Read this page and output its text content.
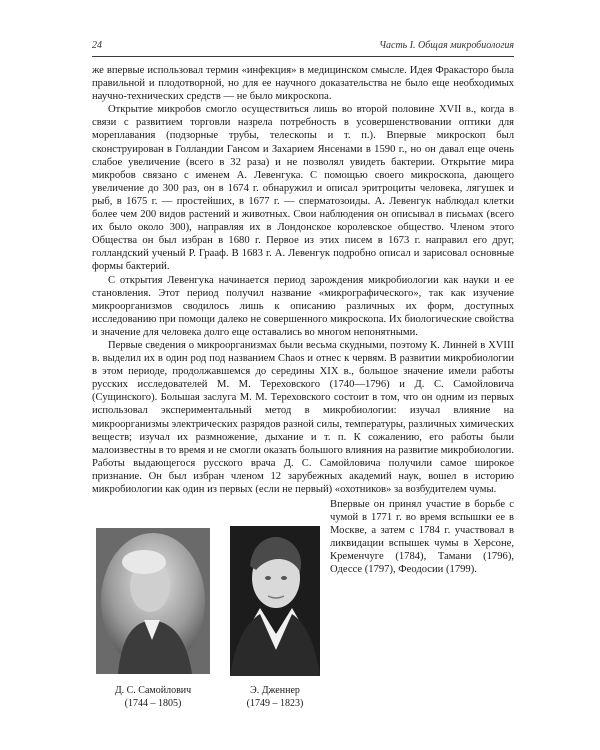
24	Часть I. Общая микробиология

же впервые использовал термин «инфекция» в медицинском смысле. Идея Фракасторо была правильной и плодотворной, но для ее научного доказательства не было еще необходимых научно-технических средств — не было микроскопа.

Открытие микробов смогло осуществиться лишь во второй половине XVII в., когда в связи с развитием торговли назрела потребность в усовершенствовании оптики для мореплавания (подзорные трубы, телескопы и т. п.). Впервые микроскоп был сконструирован в Голландии Гансом и Захарием Янсенами в 1590 г., но он давал еще очень слабое увеличение (всего в 32 раза) и не позволял увидеть бактерии. Открытие мира микробов связано с именем А. Левенгука. С помощью своего микроскопа, дающего увеличение до 300 раз, он в 1674 г. обнаружил и описал эритроциты человека, лягушек и рыб, в 1675 г. — простейших, в 1677 г. — сперматозоиды. А. Левенгук наблюдал клетки более чем 200 видов растений и животных. Свои наблюдения он описывал в письмах (всего их было около 300), направляя их в Лондонское королевское общество. Членом этого Общества он был избран в 1680 г. Первое из этих писем в 1673 г. направил его друг, голландский ученый Р. Грааф. В 1683 г. А. Левенгук подробно описал и зарисовал основные формы бактерий.

С открытия Левенгука начинается период зарождения микробиологии как науки и ее становления. Этот период получил название «микрографического», так как изучение микроорганизмов сводилось лишь к описанию различных их форм, доступных исследованию при помощи далеко не совершенного микроскопа. Их биологические свойства и значение для человека долго еще оставались во многом непонятными.

Первые сведения о микроорганизмах были весьма скудными, поэтому К. Линней в XVIII в. выделил их в один род под названием Chaos и отнес к червям. В развитии микробиологии в этом периоде, продолжавшемся до середины XIX в., большое значение имели работы русских исследователей М. М. Тереховского (1740—1796) и Д. С. Самойловича (Сущинского). Большая заслуга М. М. Тереховского состоит в том, что он одним из первых использовал экспериментальный метод в микробиологии: изучал влияние на микроорганизмы электрических разрядов разной силы, температуры, различных химических веществ; изучал их размножение, дыхание и т. п. К сожалению, его работы были малоизвестны в то время и не смогли оказать большого влияния на развитие микробиологии. Работы выдающегося русского врача Д. С. Самойловича получили самое широкое признание. Он был избран членом 12 зарубежных академий наук, вошел в историю микробиологии как один из первых (если не первый) «охотников» за возбудителем чумы.

Впервые он принял участие в борьбе с чумой в 1771 г. во время вспышки ее в Москве, а затем с 1784 г. участвовал в ликвидации вспышек чумы в Херсоне, Кременчуге (1784), Тамани (1796), Одессе (1797), Феодосии (1799).
Д. С. Самойлович
(1744 – 1805)
Э. Дженнер
(1749 – 1823)
